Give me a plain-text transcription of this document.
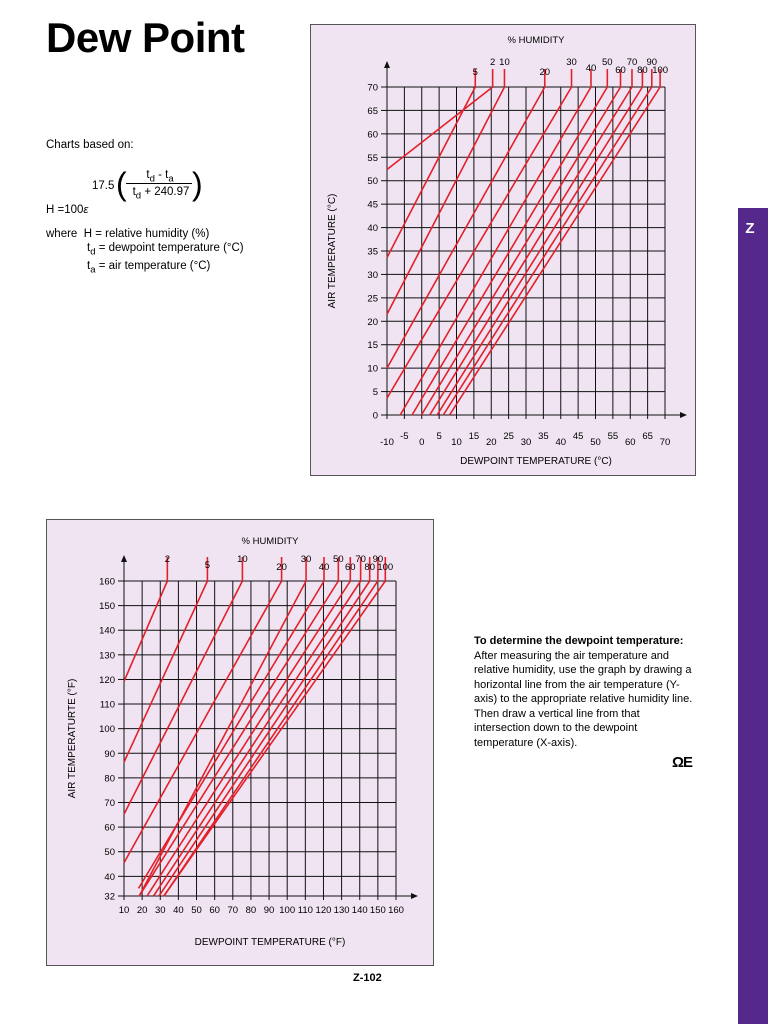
Dew Point

Charts based on:

17.5 (	$t_d - t_a$
$t_d + 240.97$ )
H =100ε
where H = relative humidity (%)
$t_d$ = dewpoint temperature (°C)
$t_a$ = air temperature (°C)
0
5
10
15
20
25
30
35
40
45
50
55
60
65
70
-10
-5
0
5
10
15
20
25
30
35
40
45
50
55
60
65
70
2
5
10
20
30
40
50
60
70
80
90
100
% HUMIDITY
DEWPOINT TEMPERATURE (°C)
AIR TEMPERATURE (°C)
32
40
50
60
70
80
90
100
110
120
130
140
150
160
10 20 30 40 50 60 70 80 90 100 110 120 130 140 150 160
2
5
10
20
30
40
50
60
70
80
90
100
% HUMIDITY
DEWPOINT TEMPERATURE (°F)
AIR TEMPERATURTE (°F)
To determine the dewpoint temperature: After measuring the air temperature and relative humidity, use the graph by drawing a horizontal line from the air temperature (Y-axis) to the appropriate relative humidity line. Then draw a vertical line from that intersection down to the dewpoint temperature (X-axis).
ΩE
Z-102
Z
